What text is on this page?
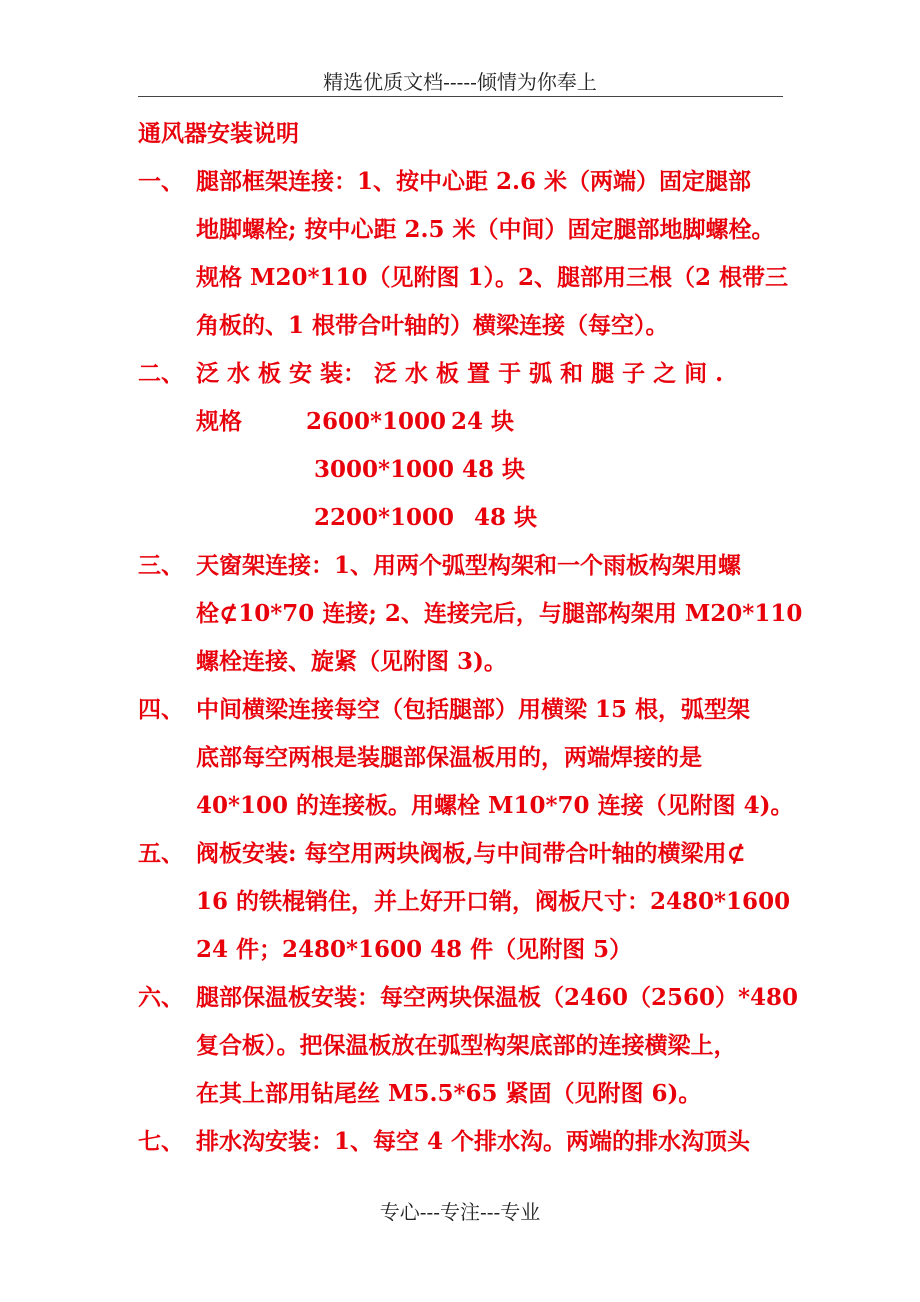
精选优质文档-----倾情为你奉上
通风器安装说明
一、 腿部框架连接：1、按中心距 2.6 米（两端）固定腿部
地脚螺栓; 按中心距 2.5 米（中间）固定腿部地脚螺栓。
规格 M20*110（见附图 1）。2、腿部用三根（2 根带三
角板的、1 根带合叶轴的）横梁连接（每空）。
二、 泛 水 板 安 装： 泛 水 板 置 于 弧 和 腿 子 之 间 .
规格	2600*1000 24 块
3000*1000 48 块
2200*1000 48 块
三、 天窗架连接：1、用两个弧型构架和一个雨板构架用螺
栓⊄10*70 连接; 2、连接完后，与腿部构架用 M20*110
螺栓连接、旋紧（见附图 3)。
四、 中间横梁连接每空（包括腿部）用横梁 15 根，弧型架
底部每空两根是装腿部保温板用的，两端焊接的是
40*100 的连接板。用螺栓 M10*70 连接（见附图 4)。
五、 阀板安装: 每空用两块阀板,与中间带合叶轴的横梁用⊄
16 的铁棍销住，并上好开口销，阀板尺寸：2480*1600
24 件；2480*1600 48 件（见附图 5）
六、 腿部保温板安装：每空两块保温板（2460（2560）*480
复合板）。把保温板放在弧型构架底部的连接横梁上，
在其上部用钻尾丝 M5.5*65 紧固（见附图 6)。
七、 排水沟安装：1、每空 4 个排水沟。两端的排水沟顶头
专心---专注---专业
